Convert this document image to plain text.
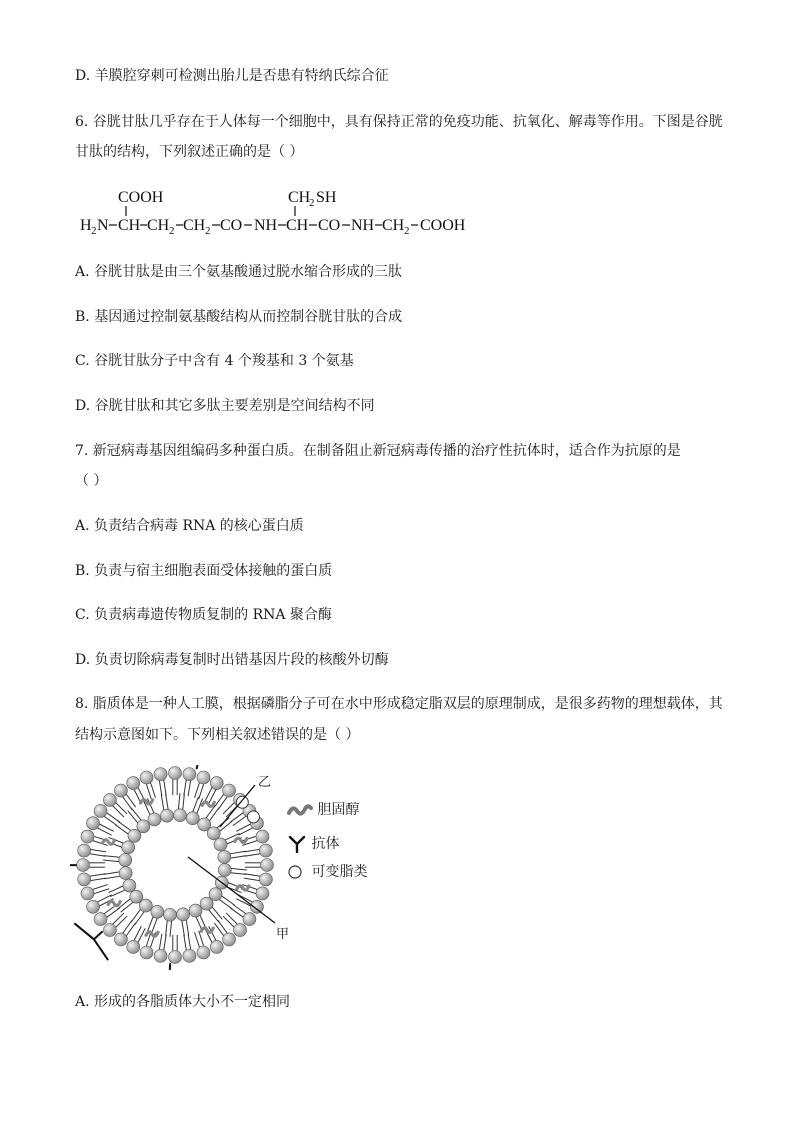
D. 羊膜腔穿刺可检测出胎儿是否患有特纳氏综合征
6. 谷胱甘肽几乎存在于人体每一个细胞中，具有保持正常的免疫功能、抗氧化、解毒等作用。下图是谷胱
甘肽的结构，下列叙述正确的是（ ）
COOH	CH
2 SH
H 2 N CH CH 2 CH 2 CO NH CH CO NH CH 2 COOH
A. 谷胱甘肽是由三个氨基酸通过脱水缩合形成的三肽
B. 基因通过控制氨基酸结构从而控制谷胱甘肽的合成
C. 谷胱甘肽分子中含有 4 个羧基和 3 个氨基
D. 谷胱甘肽和其它多肽主要差别是空间结构不同
7. 新冠病毒基因组编码多种蛋白质。在制备阻止新冠病毒传播的治疗性抗体时，适合作为抗原的是
（ ）
A. 负责结合病毒 RNA 的核心蛋白质
B. 负责与宿主细胞表面受体接触的蛋白质
C. 负责病毒遗传物质复制的 RNA 聚合酶
D. 负责切除病毒复制时出错基因片段的核酸外切酶
8. 脂质体是一种人工膜，根据磷脂分子可在水中形成稳定脂双层的原理制成，是很多药物的理想载体，其
结构示意图如下。下列相关叙述错误的是（ ）
乙
甲
胆固醇
抗体
可变脂类
A. 形成的各脂质体大小不一定相同
